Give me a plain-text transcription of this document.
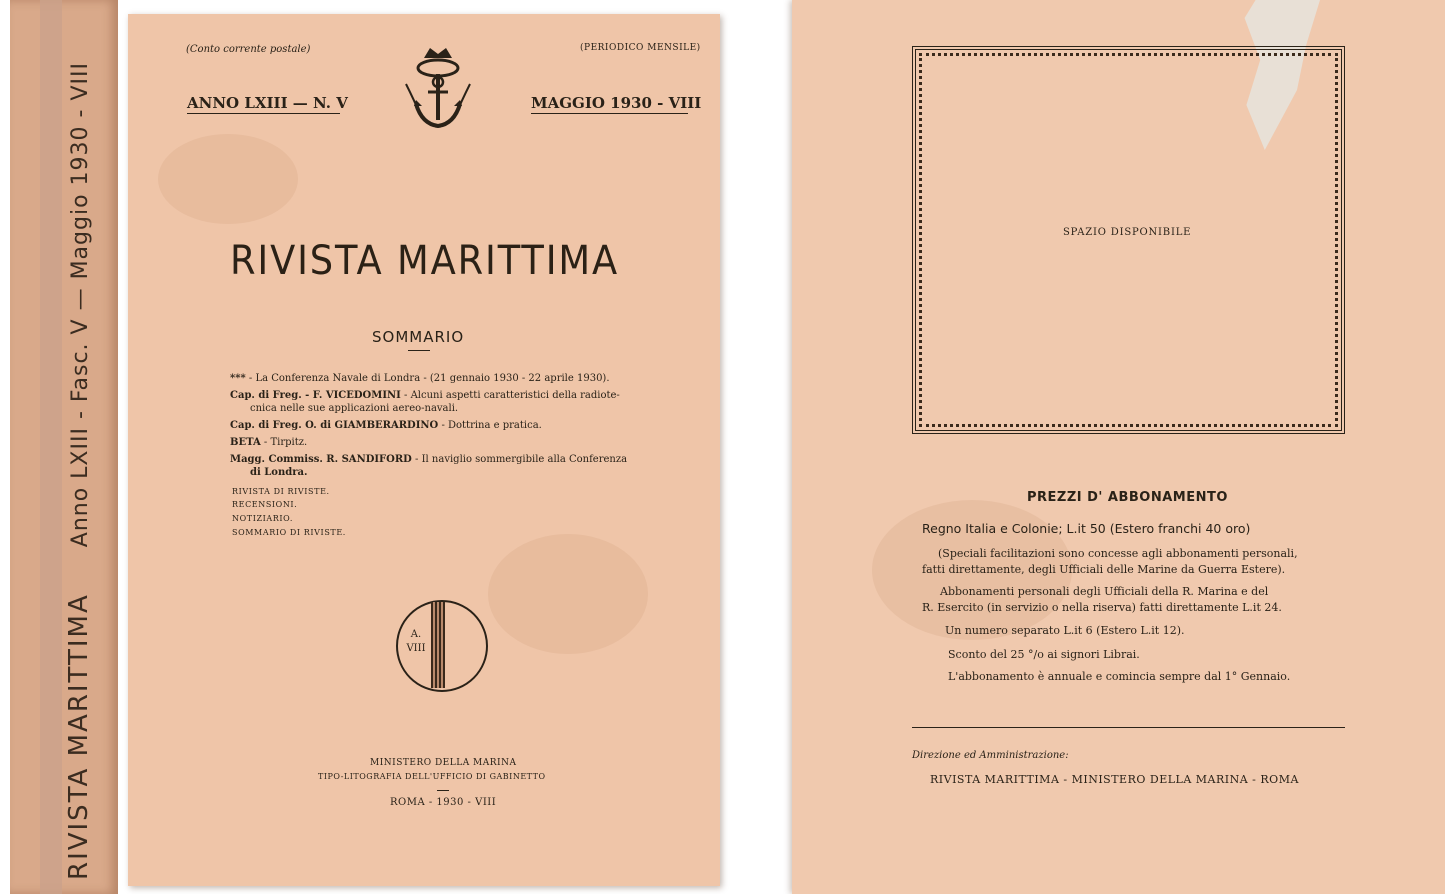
RIVISTA MARITTIMA Anno LXIII - Fasc. V — Maggio 1930 - VIII
(Conto corrente postale)	(PERIODICO MENSILE)
ANNO LXIII — N. V	MAGGIO 1930 - VIII
RIVISTA MARITTIMA
SOMMARIO
*** - La Conferenza Navale di Londra - (21 gennaio 1930 - 22 aprile 1930).
Cap. di Freg. - F. VICEDOMINI - Alcuni aspetti caratteristici della radiote-
cnica nelle sue applicazioni aereo-navali.
Cap. di Freg. O. di GIAMBERARDINO - Dottrina e pratica.
BETA - Tirpitz.
Magg. Commiss. R. SANDIFORD - Il naviglio sommergibile alla Conferenza
di Londra.
RIVISTA DI RIVISTE.
RECENSIONI.
NOTIZIARIO.
SOMMARIO DI RIVISTE.
A.
VIII
MINISTERO DELLA MARINA
TIPO-LITOGRAFIA DELL'UFFICIO DI GABINETTO
ROMA - 1930 - VIII
SPAZIO DISPONIBILE
PREZZI D' ABBONAMENTO
Regno Italia e Colonie; L.it 50 (Estero franchi 40 oro)
(Speciali facilitazioni sono concesse agli abbonamenti personali,
fatti direttamente, degli Ufficiali delle Marine da Guerra Estere).
Abbonamenti personali degli Ufficiali della R. Marina e del
R. Esercito (in servizio o nella riserva) fatti direttamente L.it 24.
Un numero separato L.it 6 (Estero L.it 12).
Sconto del 25 °/o ai signori Librai.
L'abbonamento è annuale e comincia sempre dal 1° Gennaio.
Direzione ed Amministrazione:
RIVISTA MARITTIMA - MINISTERO DELLA MARINA - ROMA
